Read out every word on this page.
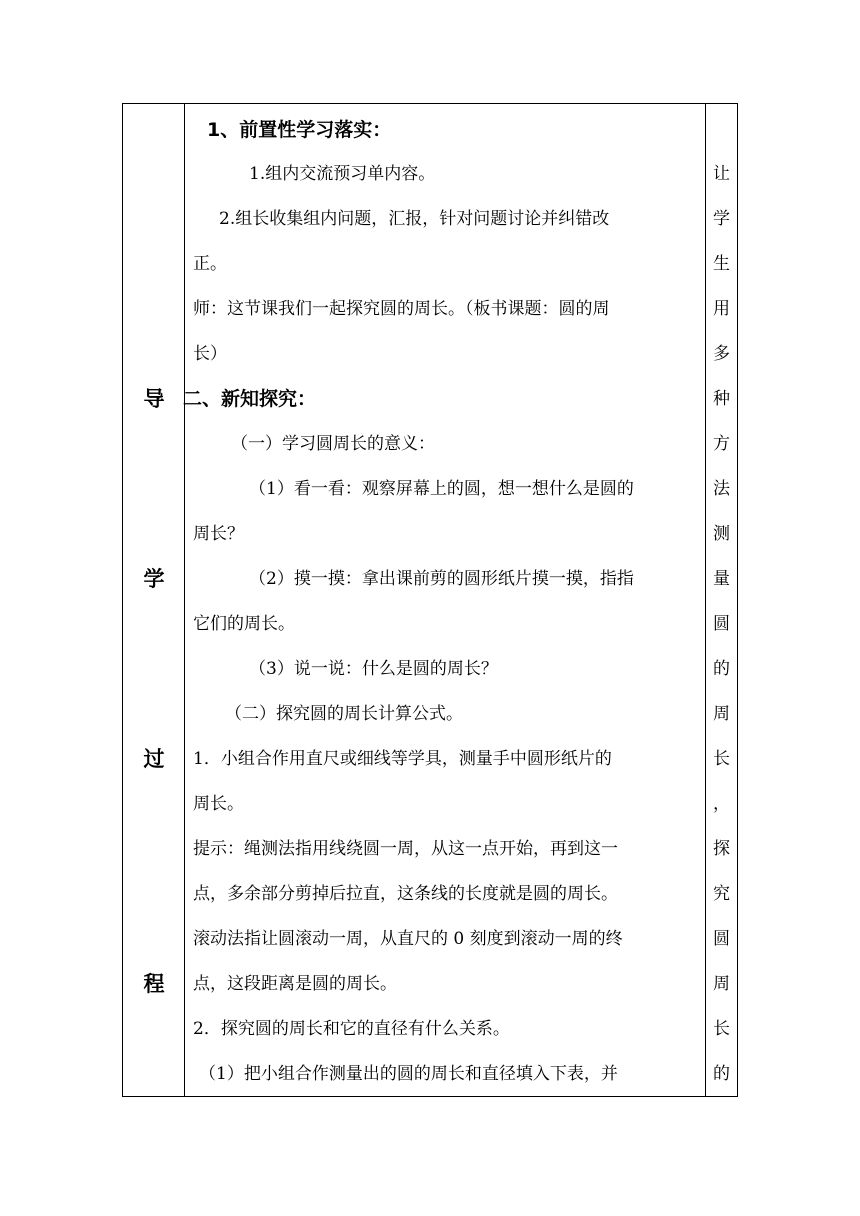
导
学
过
程
1、前置性学习落实：
1.组内交流预习单内容。
2.组长收集组内问题，汇报，针对问题讨论并纠错改
正。
师：这节课我们一起探究圆的周长。（板书课题：圆的周
长）
二、新知探究：
（一）学习圆周长的意义：
（1）看一看：观察屏幕上的圆，想一想什么是圆的
周长？
（2）摸一摸：拿出课前剪的圆形纸片摸一摸，指指
它们的周长。
（3）说一说：什么是圆的周长？
（二）探究圆的周长计算公式。
1．小组合作用直尺或细线等学具，测量手中圆形纸片的
周长。
提示：绳测法指用线绕圆一周，从这一点开始，再到这一
点，多余部分剪掉后拉直，这条线的长度就是圆的周长。
滚动法指让圆滚动一周，从直尺的 0 刻度到滚动一周的终
点，这段距离是圆的周长。
2．探究圆的周长和它的直径有什么关系。
（1）把小组合作测量出的圆的周长和直径填入下表，并
让
学
生
用
多
种
方
法
测
量
圆
的
周
长
，
探
究
圆
周
长
的
